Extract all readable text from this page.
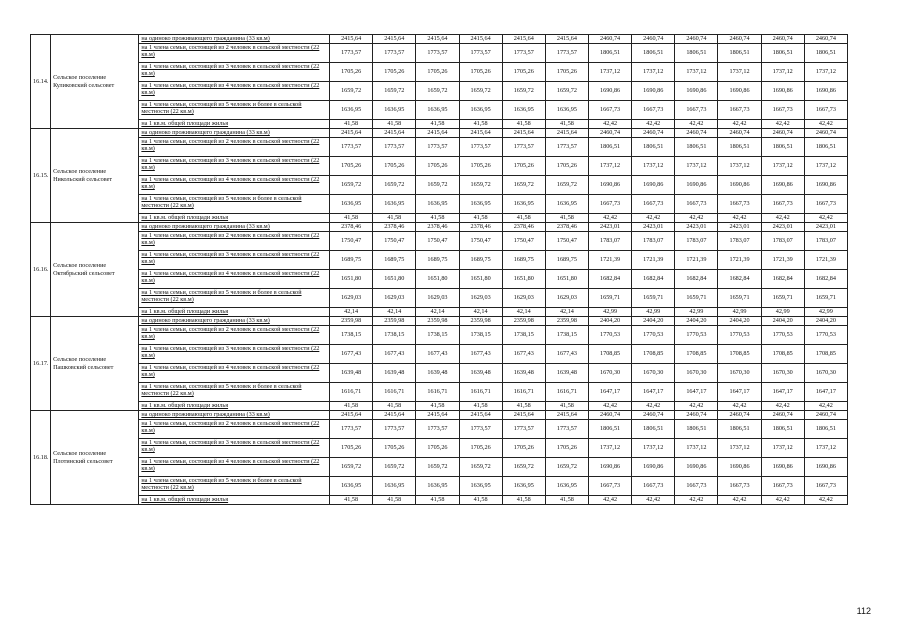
16.14.	Сельское поселение Куликовский сельсовет	на одиноко проживающего гражданина (33 кв.м)	2415,64	2415,64	2415,64	2415,64	2415,64	2415,64	2460,74	2460,74	2460,74	2460,74	2460,74	2460,74
		на 1 члена семьи, состоящей из 2 человек в сельской местности (22 кв.м)	1773,57	1773,57	1773,57	1773,57	1773,57	1773,57	1806,51	1806,51	1806,51	1806,51	1806,51	1806,51
		на 1 члена семьи, состоящей из 3 человек в сельской местности (22 кв.м)	1705,26	1705,26	1705,26	1705,26	1705,26	1705,26	1737,12	1737,12	1737,12	1737,12	1737,12	1737,12
		на 1 члена семьи, состоящей из 4 человек в сельской местности (22 кв.м)	1659,72	1659,72	1659,72	1659,72	1659,72	1659,72	1690,86	1690,86	1690,86	1690,86	1690,86	1690,86
		на 1 члена семьи, состоящей из 5 человек и более в сельской местности (22 кв.м)	1636,95	1636,95	1636,95	1636,95	1636,95	1636,95	1667,73	1667,73	1667,73	1667,73	1667,73	1667,73
		на 1 кв.м. общей площади жилья	41,58	41,58	41,58	41,58	41,58	41,58	42,42	42,42	42,42	42,42	42,42	42,42
16.15.	Сельское поселение Никольский сельсовет	на одиноко проживающего гражданина (33 кв.м)	2415,64	2415,64	2415,64	2415,64	2415,64	2415,64	2460,74	2460,74	2460,74	2460,74	2460,74	2460,74
		на 1 члена семьи, состоящей из 2 человек в сельской местности (22 кв.м)	1773,57	1773,57	1773,57	1773,57	1773,57	1773,57	1806,51	1806,51	1806,51	1806,51	1806,51	1806,51
		на 1 члена семьи, состоящей из 3 человек в сельской местности (22 кв.м)	1705,26	1705,26	1705,26	1705,26	1705,26	1705,26	1737,12	1737,12	1737,12	1737,12	1737,12	1737,12
		на 1 члена семьи, состоящей из 4 человек в сельской местности (22 кв.м)	1659,72	1659,72	1659,72	1659,72	1659,72	1659,72	1690,86	1690,86	1690,86	1690,86	1690,86	1690,86
		на 1 члена семьи, состоящей из 5 человек и более в сельской местности (22 кв.м)	1636,95	1636,95	1636,95	1636,95	1636,95	1636,95	1667,73	1667,73	1667,73	1667,73	1667,73	1667,73
		на 1 кв.м. общей площади жилья	41,58	41,58	41,58	41,58	41,58	41,58	42,42	42,42	42,42	42,42	42,42	42,42
16.16.	Сельское поселение Октябрьский сельсовет	на одиноко проживающего гражданина (33 кв.м)	2378,46	2378,46	2378,46	2378,46	2378,46	2378,46	2423,01	2423,01	2423,01	2423,01	2423,01	2423,01
		на 1 члена семьи, состоящей из 2 человек в сельской местности (22 кв.м)	1750,47	1750,47	1750,47	1750,47	1750,47	1750,47	1783,07	1783,07	1783,07	1783,07	1783,07	1783,07
		на 1 члена семьи, состоящей из 3 человек в сельской местности (22 кв.м)	1689,75	1689,75	1689,75	1689,75	1689,75	1689,75	1721,39	1721,39	1721,39	1721,39	1721,39	1721,39
		на 1 члена семьи, состоящей из 4 человек в сельской местности (22 кв.м)	1651,80	1651,80	1651,80	1651,80	1651,80	1651,80	1682,84	1682,84	1682,84	1682,84	1682,84	1682,84
		на 1 члена семьи, состоящей из 5 человек и более в сельской местности (22 кв.м)	1629,03	1629,03	1629,03	1629,03	1629,03	1629,03	1659,71	1659,71	1659,71	1659,71	1659,71	1659,71
		на 1 кв.м. общей площади жилья	42,14	42,14	42,14	42,14	42,14	42,14	42,99	42,99	42,99	42,99	42,99	42,99
16.17.	Сельское поселение Пашковский сельсовет	на одиноко проживающего гражданина (33 кв.м)	2359,98	2359,98	2359,98	2359,98	2359,98	2359,98	2404,20	2404,20	2404,20	2404,20	2404,20	2404,20
		на 1 члена семьи, состоящей из 2 человек в сельской местности (22 кв.м)	1738,15	1738,15	1738,15	1738,15	1738,15	1738,15	1770,53	1770,53	1770,53	1770,53	1770,53	1770,53
		на 1 члена семьи, состоящей из 3 человек в сельской местности (22 кв.м)	1677,43	1677,43	1677,43	1677,43	1677,43	1677,43	1708,85	1708,85	1708,85	1708,85	1708,85	1708,85
		на 1 члена семьи, состоящей из 4 человек в сельской местности (22 кв.м)	1639,48	1639,48	1639,48	1639,48	1639,48	1639,48	1670,30	1670,30	1670,30	1670,30	1670,30	1670,30
		на 1 члена семьи, состоящей из 5 человек и более в сельской местности (22 кв.м)	1616,71	1616,71	1616,71	1616,71	1616,71	1616,71	1647,17	1647,17	1647,17	1647,17	1647,17	1647,17
		на 1 кв.м. общей площади жилья	41,58	41,58	41,58	41,58	41,58	41,58	42,42	42,42	42,42	42,42	42,42	42,42
16.18.	Сельское поселение Плотинский сельсовет	на одиноко проживающего гражданина (33 кв.м)	2415,64	2415,64	2415,64	2415,64	2415,64	2415,64	2460,74	2460,74	2460,74	2460,74	2460,74	2460,74
		на 1 члена семьи, состоящей из 2 человек в сельской местности (22 кв.м)	1773,57	1773,57	1773,57	1773,57	1773,57	1773,57	1806,51	1806,51	1806,51	1806,51	1806,51	1806,51
		на 1 члена семьи, состоящей из 3 человек в сельской местности (22 кв.м)	1705,26	1705,26	1705,26	1705,26	1705,26	1705,26	1737,12	1737,12	1737,12	1737,12	1737,12	1737,12
		на 1 члена семьи, состоящей из 4 человек в сельской местности (22 кв.м)	1659,72	1659,72	1659,72	1659,72	1659,72	1659,72	1690,86	1690,86	1690,86	1690,86	1690,86	1690,86
		на 1 члена семьи, состоящей из 5 человек и более в сельской местности (22 кв.м)	1636,95	1636,95	1636,95	1636,95	1636,95	1636,95	1667,73	1667,73	1667,73	1667,73	1667,73	1667,73
		на 1 кв.м. общей площади жилья	41,58	41,58	41,58	41,58	41,58	41,58	42,42	42,42	42,42	42,42	42,42	42,42
112
